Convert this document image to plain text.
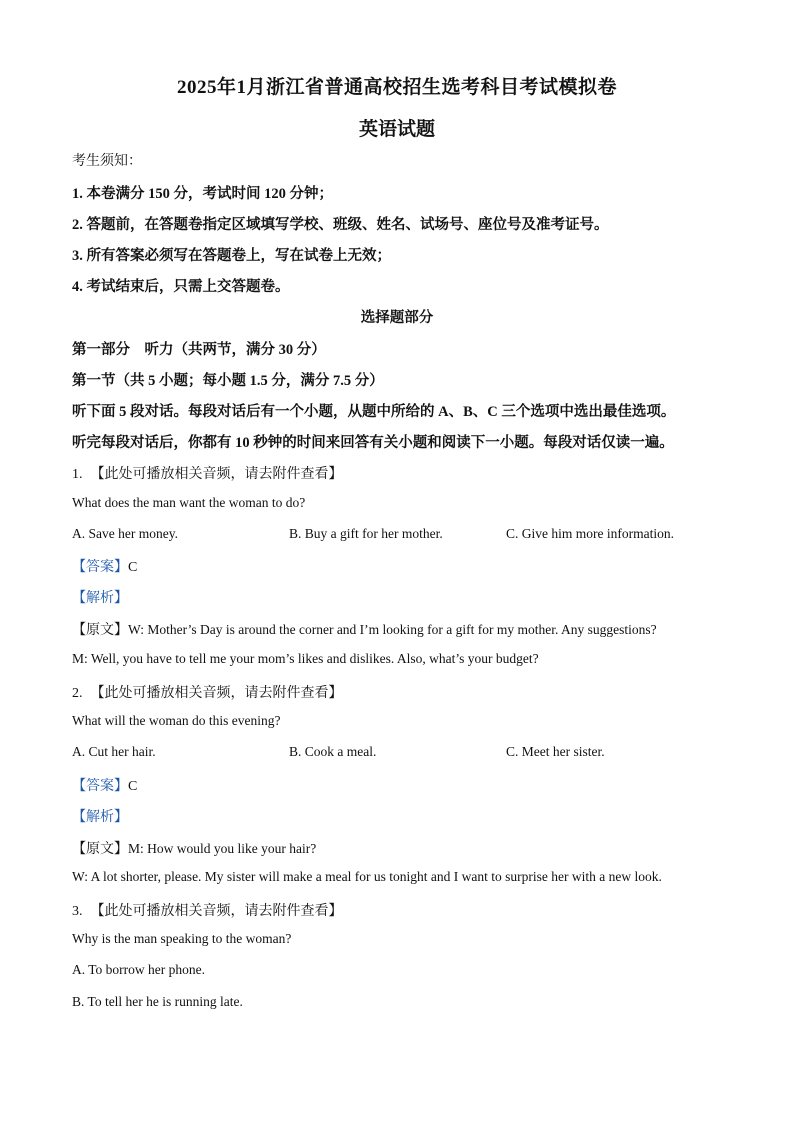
2025年1月浙江省普通高校招生选考科目考试模拟卷
英语试题
考生须知：
1. 本卷满分 150 分，考试时间 120 分钟；
2. 答题前，在答题卷指定区域填写学校、班级、姓名、试场号、座位号及准考证号。
3. 所有答案必须写在答题卷上，写在试卷上无效；
4. 考试结束后，只需上交答题卷。
选择题部分
第一部分    听力（共两节，满分 30 分）
第一节（共 5 小题；每小题 1.5 分，满分 7.5 分）
听下面 5 段对话。每段对话后有一个小题，从题中所给的 A、B、C 三个选项中选出最佳选项。
听完每段对话后，你都有 10 秒钟的时间来回答有关小题和阅读下一小题。每段对话仅读一遍。
1. 【此处可播放相关音频，请去附件查看】
What does the man want the woman to do?
A. Save her money.	B. Buy a gift for her mother.	C. Give him more information.
【答案】C
【解析】
【原文】W: Mother’s Day is around the corner and I’m looking for a gift for my mother. Any suggestions?
M: Well, you have to tell me your mom’s likes and dislikes. Also, what’s your budget?
2. 【此处可播放相关音频，请去附件查看】
What will the woman do this evening?
A. Cut her hair.	B. Cook a meal.	C. Meet her sister.
【答案】C
【解析】
【原文】M: How would you like your hair?
W: A lot shorter, please. My sister will make a meal for us tonight and I want to surprise her with a new look.
3. 【此处可播放相关音频，请去附件查看】
Why is the man speaking to the woman?
A. To borrow her phone.
B. To tell her he is running late.
